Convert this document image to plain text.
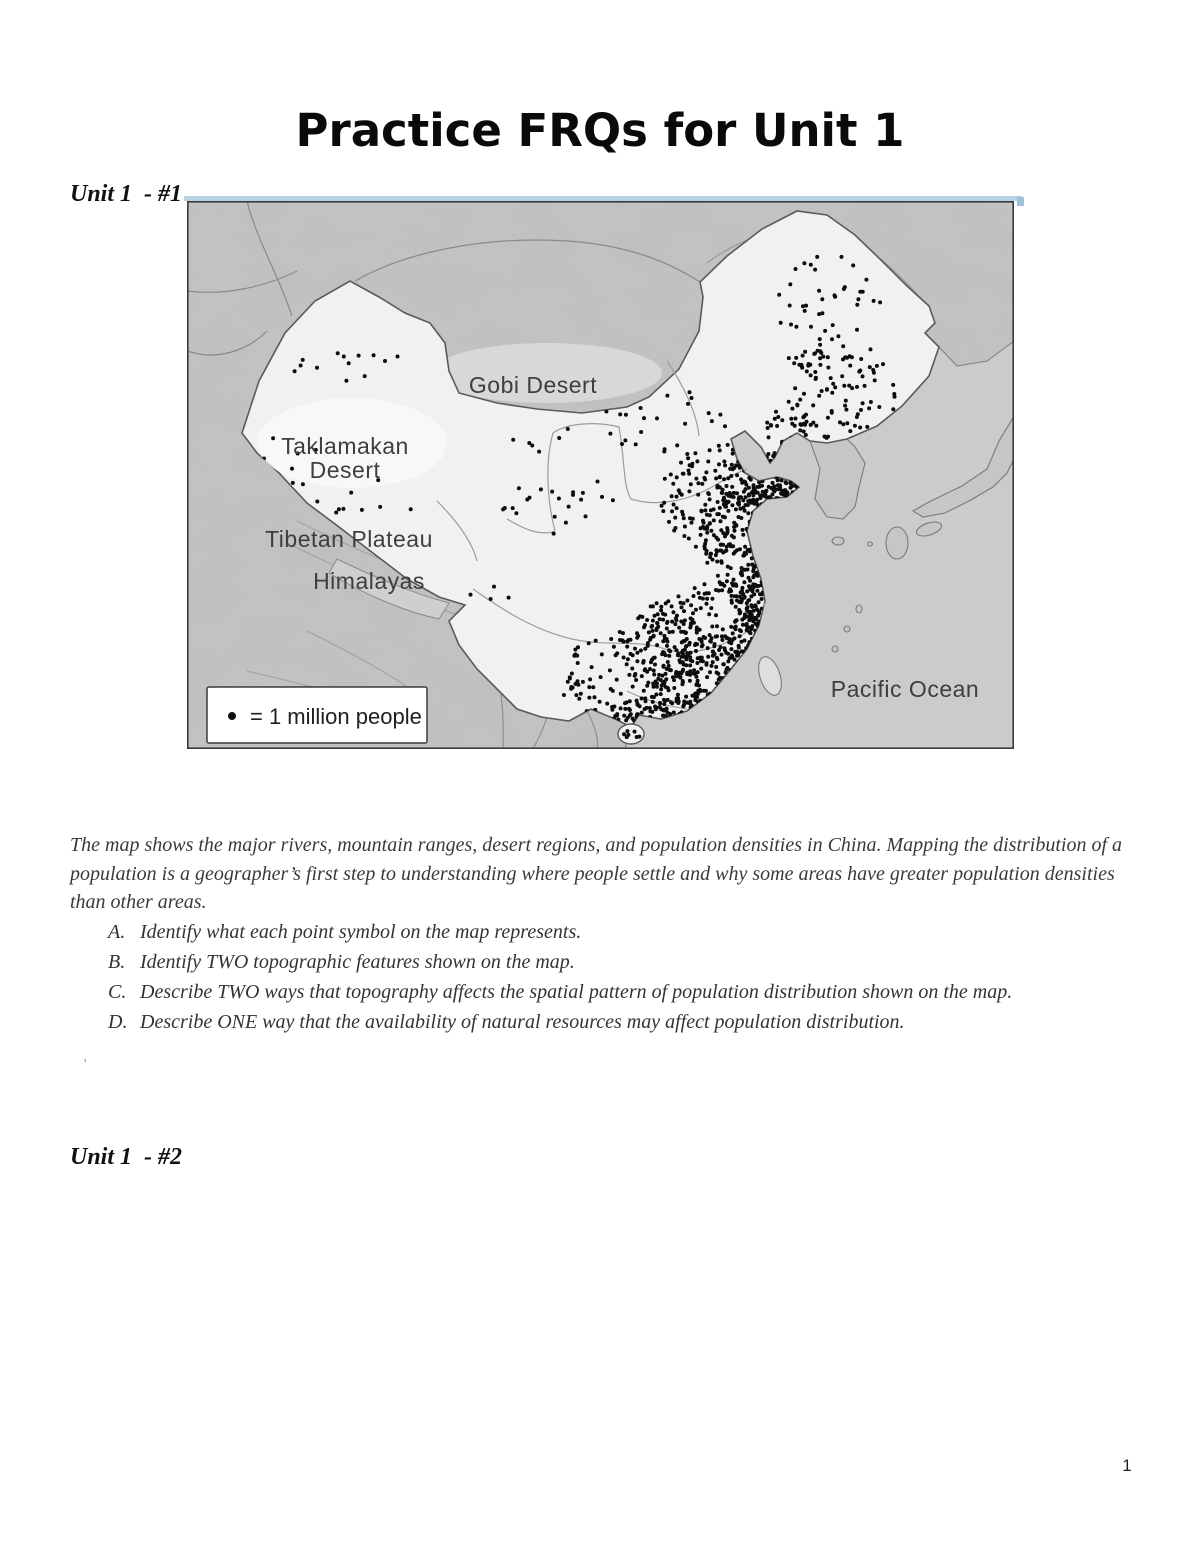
Practice FRQs for Unit 1
Unit 1  - #1
Gobi Desert
Taklamakan
Desert
Tibetan Plateau
Himalayas
Pacific Ocean
= 1 million people

The map shows the major rivers, mountain ranges, desert regions, and population densities in China. Mapping the distribution of a population is a geographer’s first step to understanding where people settle and why some areas have greater population densities than other areas.

A. Identify what each point symbol on the map represents.
B. Identify TWO topographic features shown on the map.
C. Describe TWO ways that topography affects the spatial pattern of population distribution shown on the map.
D. Describe ONE way that the availability of natural resources may affect population distribution.
'
Unit 1  - #2
1
